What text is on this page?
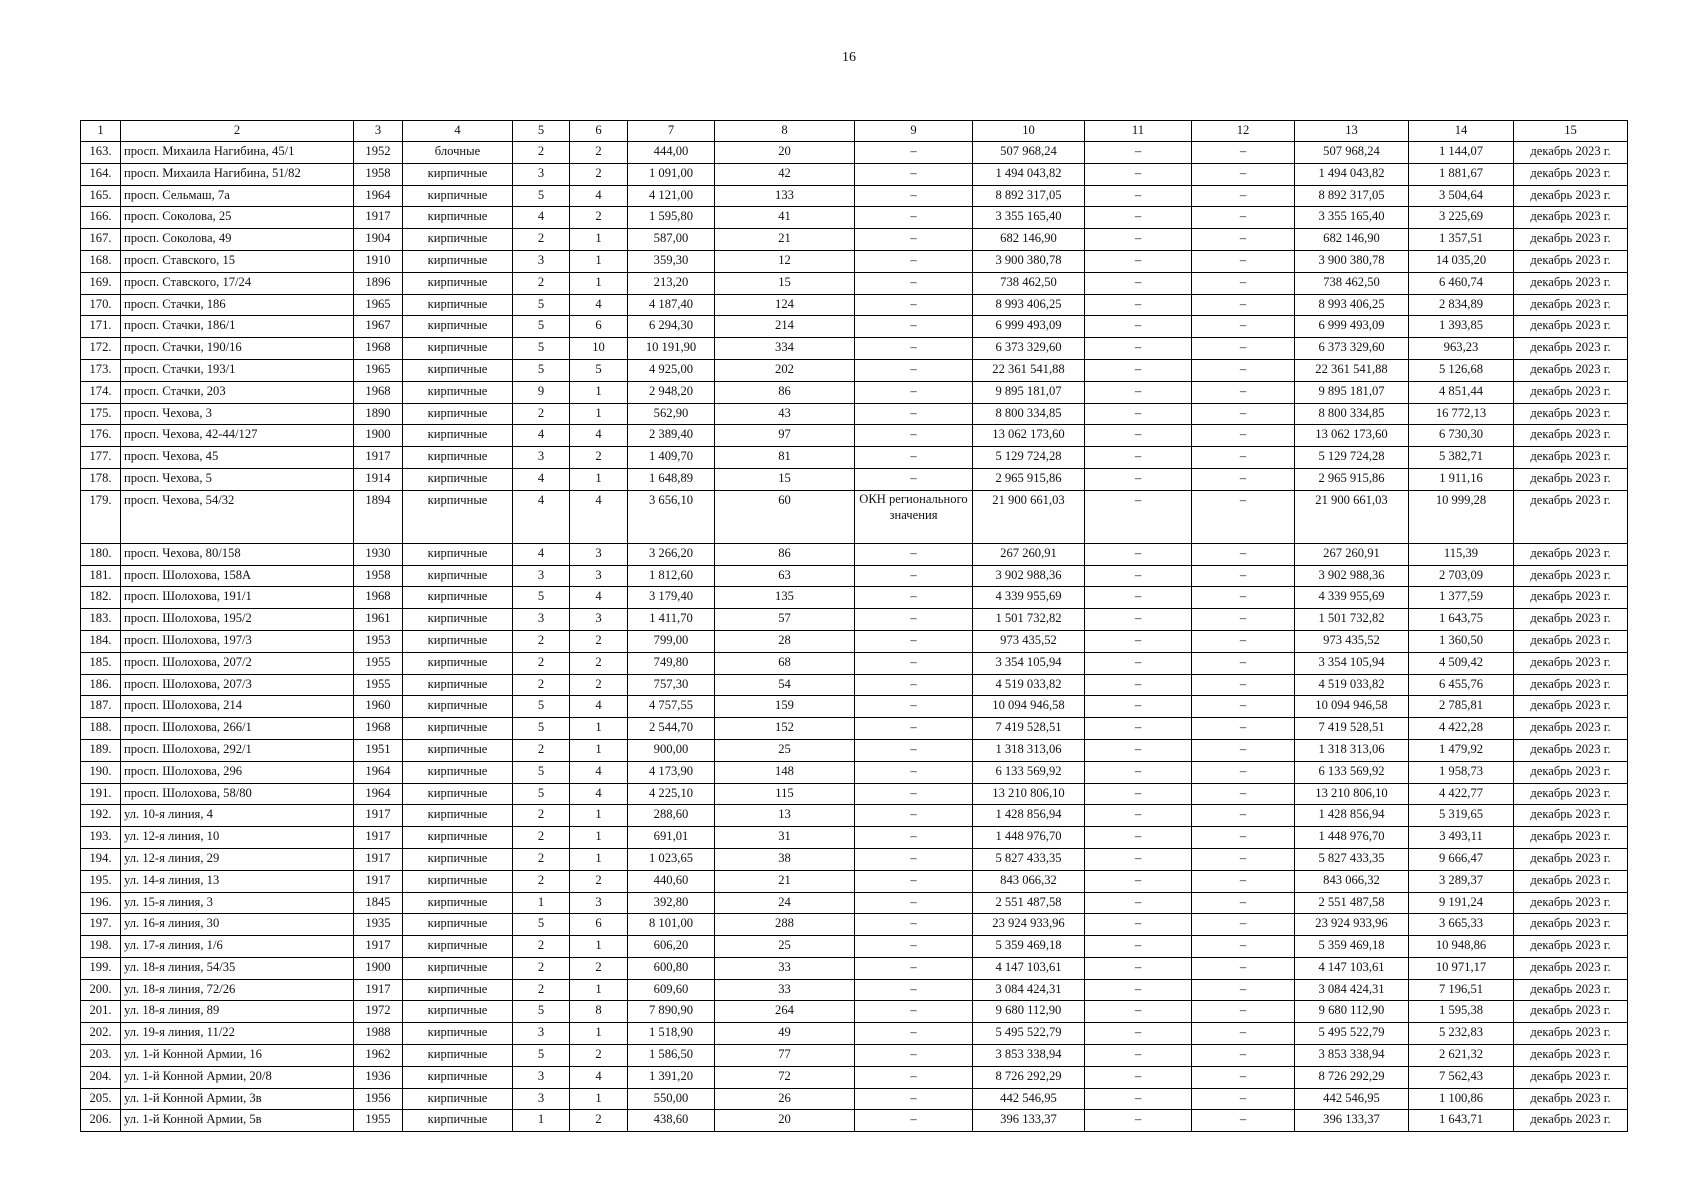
16
1	2	3	4	5	6	7	8	9	10	11	12	13	14	15
163.	просп. Михаила Нагибина, 45/1	1952	блочные	2	2	444,00	20	–	507 968,24	–	–	507 968,24	1 144,07	декабрь 2023 г.
164.	просп. Михаила Нагибина, 51/82	1958	кирпичные	3	2	1 091,00	42	–	1 494 043,82	–	–	1 494 043,82	1 881,67	декабрь 2023 г.
165.	просп. Сельмаш, 7а	1964	кирпичные	5	4	4 121,00	133	–	8 892 317,05	–	–	8 892 317,05	3 504,64	декабрь 2023 г.
166.	просп. Соколова, 25	1917	кирпичные	4	2	1 595,80	41	–	3 355 165,40	–	–	3 355 165,40	3 225,69	декабрь 2023 г.
167.	просп. Соколова, 49	1904	кирпичные	2	1	587,00	21	–	682 146,90	–	–	682 146,90	1 357,51	декабрь 2023 г.
168.	просп. Ставского, 15	1910	кирпичные	3	1	359,30	12	–	3 900 380,78	–	–	3 900 380,78	14 035,20	декабрь 2023 г.
169.	просп. Ставского, 17/24	1896	кирпичные	2	1	213,20	15	–	738 462,50	–	–	738 462,50	6 460,74	декабрь 2023 г.
170.	просп. Стачки, 186	1965	кирпичные	5	4	4 187,40	124	–	8 993 406,25	–	–	8 993 406,25	2 834,89	декабрь 2023 г.
171.	просп. Стачки, 186/1	1967	кирпичные	5	6	6 294,30	214	–	6 999 493,09	–	–	6 999 493,09	1 393,85	декабрь 2023 г.
172.	просп. Стачки, 190/16	1968	кирпичные	5	10	10 191,90	334	–	6 373 329,60	–	–	6 373 329,60	963,23	декабрь 2023 г.
173.	просп. Стачки, 193/1	1965	кирпичные	5	5	4 925,00	202	–	22 361 541,88	–	–	22 361 541,88	5 126,68	декабрь 2023 г.
174.	просп. Стачки, 203	1968	кирпичные	9	1	2 948,20	86	–	9 895 181,07	–	–	9 895 181,07	4 851,44	декабрь 2023 г.
175.	просп. Чехова, 3	1890	кирпичные	2	1	562,90	43	–	8 800 334,85	–	–	8 800 334,85	16 772,13	декабрь 2023 г.
176.	просп. Чехова, 42-44/127	1900	кирпичные	4	4	2 389,40	97	–	13 062 173,60	–	–	13 062 173,60	6 730,30	декабрь 2023 г.
177.	просп. Чехова, 45	1917	кирпичные	3	2	1 409,70	81	–	5 129 724,28	–	–	5 129 724,28	5 382,71	декабрь 2023 г.
178.	просп. Чехова, 5	1914	кирпичные	4	1	1 648,89	15	–	2 965 915,86	–	–	2 965 915,86	1 911,16	декабрь 2023 г.
179.	просп. Чехова, 54/32	1894	кирпичные	4	4	3 656,10	60	ОКН регионального значения	21 900 661,03	–	–	21 900 661,03	10 999,28	декабрь 2023 г.
180.	просп. Чехова, 80/158	1930	кирпичные	4	3	3 266,20	86	–	267 260,91	–	–	267 260,91	115,39	декабрь 2023 г.
181.	просп. Шолохова, 158А	1958	кирпичные	3	3	1 812,60	63	–	3 902 988,36	–	–	3 902 988,36	2 703,09	декабрь 2023 г.
182.	просп. Шолохова, 191/1	1968	кирпичные	5	4	3 179,40	135	–	4 339 955,69	–	–	4 339 955,69	1 377,59	декабрь 2023 г.
183.	просп. Шолохова, 195/2	1961	кирпичные	3	3	1 411,70	57	–	1 501 732,82	–	–	1 501 732,82	1 643,75	декабрь 2023 г.
184.	просп. Шолохова, 197/3	1953	кирпичные	2	2	799,00	28	–	973 435,52	–	–	973 435,52	1 360,50	декабрь 2023 г.
185.	просп. Шолохова, 207/2	1955	кирпичные	2	2	749,80	68	–	3 354 105,94	–	–	3 354 105,94	4 509,42	декабрь 2023 г.
186.	просп. Шолохова, 207/3	1955	кирпичные	2	2	757,30	54	–	4 519 033,82	–	–	4 519 033,82	6 455,76	декабрь 2023 г.
187.	просп. Шолохова, 214	1960	кирпичные	5	4	4 757,55	159	–	10 094 946,58	–	–	10 094 946,58	2 785,81	декабрь 2023 г.
188.	просп. Шолохова, 266/1	1968	кирпичные	5	1	2 544,70	152	–	7 419 528,51	–	–	7 419 528,51	4 422,28	декабрь 2023 г.
189.	просп. Шолохова, 292/1	1951	кирпичные	2	1	900,00	25	–	1 318 313,06	–	–	1 318 313,06	1 479,92	декабрь 2023 г.
190.	просп. Шолохова, 296	1964	кирпичные	5	4	4 173,90	148	–	6 133 569,92	–	–	6 133 569,92	1 958,73	декабрь 2023 г.
191.	просп. Шолохова, 58/80	1964	кирпичные	5	4	4 225,10	115	–	13 210 806,10	–	–	13 210 806,10	4 422,77	декабрь 2023 г.
192.	ул. 10-я линия, 4	1917	кирпичные	2	1	288,60	13	–	1 428 856,94	–	–	1 428 856,94	5 319,65	декабрь 2023 г.
193.	ул. 12-я линия, 10	1917	кирпичные	2	1	691,01	31	–	1 448 976,70	–	–	1 448 976,70	3 493,11	декабрь 2023 г.
194.	ул. 12-я линия, 29	1917	кирпичные	2	1	1 023,65	38	–	5 827 433,35	–	–	5 827 433,35	9 666,47	декабрь 2023 г.
195.	ул. 14-я линия, 13	1917	кирпичные	2	2	440,60	21	–	843 066,32	–	–	843 066,32	3 289,37	декабрь 2023 г.
196.	ул. 15-я линия, 3	1845	кирпичные	1	3	392,80	24	–	2 551 487,58	–	–	2 551 487,58	9 191,24	декабрь 2023 г.
197.	ул. 16-я линия, 30	1935	кирпичные	5	6	8 101,00	288	–	23 924 933,96	–	–	23 924 933,96	3 665,33	декабрь 2023 г.
198.	ул. 17-я линия, 1/6	1917	кирпичные	2	1	606,20	25	–	5 359 469,18	–	–	5 359 469,18	10 948,86	декабрь 2023 г.
199.	ул. 18-я линия, 54/35	1900	кирпичные	2	2	600,80	33	–	4 147 103,61	–	–	4 147 103,61	10 971,17	декабрь 2023 г.
200.	ул. 18-я линия, 72/26	1917	кирпичные	2	1	609,60	33	–	3 084 424,31	–	–	3 084 424,31	7 196,51	декабрь 2023 г.
201.	ул. 18-я линия, 89	1972	кирпичные	5	8	7 890,90	264	–	9 680 112,90	–	–	9 680 112,90	1 595,38	декабрь 2023 г.
202.	ул. 19-я линия, 11/22	1988	кирпичные	3	1	1 518,90	49	–	5 495 522,79	–	–	5 495 522,79	5 232,83	декабрь 2023 г.
203.	ул. 1-й Конной Армии, 16	1962	кирпичные	5	2	1 586,50	77	–	3 853 338,94	–	–	3 853 338,94	2 621,32	декабрь 2023 г.
204.	ул. 1-й Конной Армии, 20/8	1936	кирпичные	3	4	1 391,20	72	–	8 726 292,29	–	–	8 726 292,29	7 562,43	декабрь 2023 г.
205.	ул. 1-й Конной Армии, 3в	1956	кирпичные	3	1	550,00	26	–	442 546,95	–	–	442 546,95	1 100,86	декабрь 2023 г.
206.	ул. 1-й Конной Армии, 5в	1955	кирпичные	1	2	438,60	20	–	396 133,37	–	–	396 133,37	1 643,71	декабрь 2023 г.
